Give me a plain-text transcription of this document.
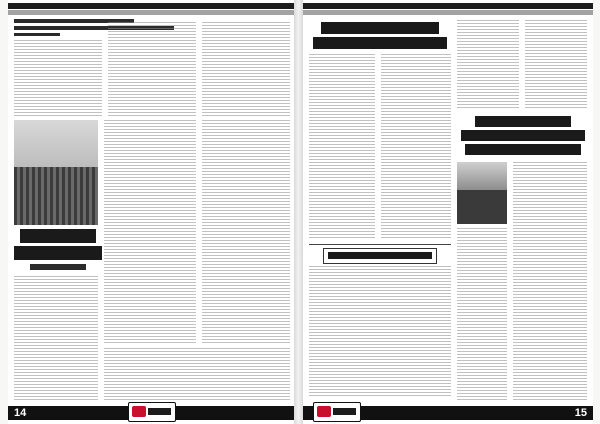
14	15
